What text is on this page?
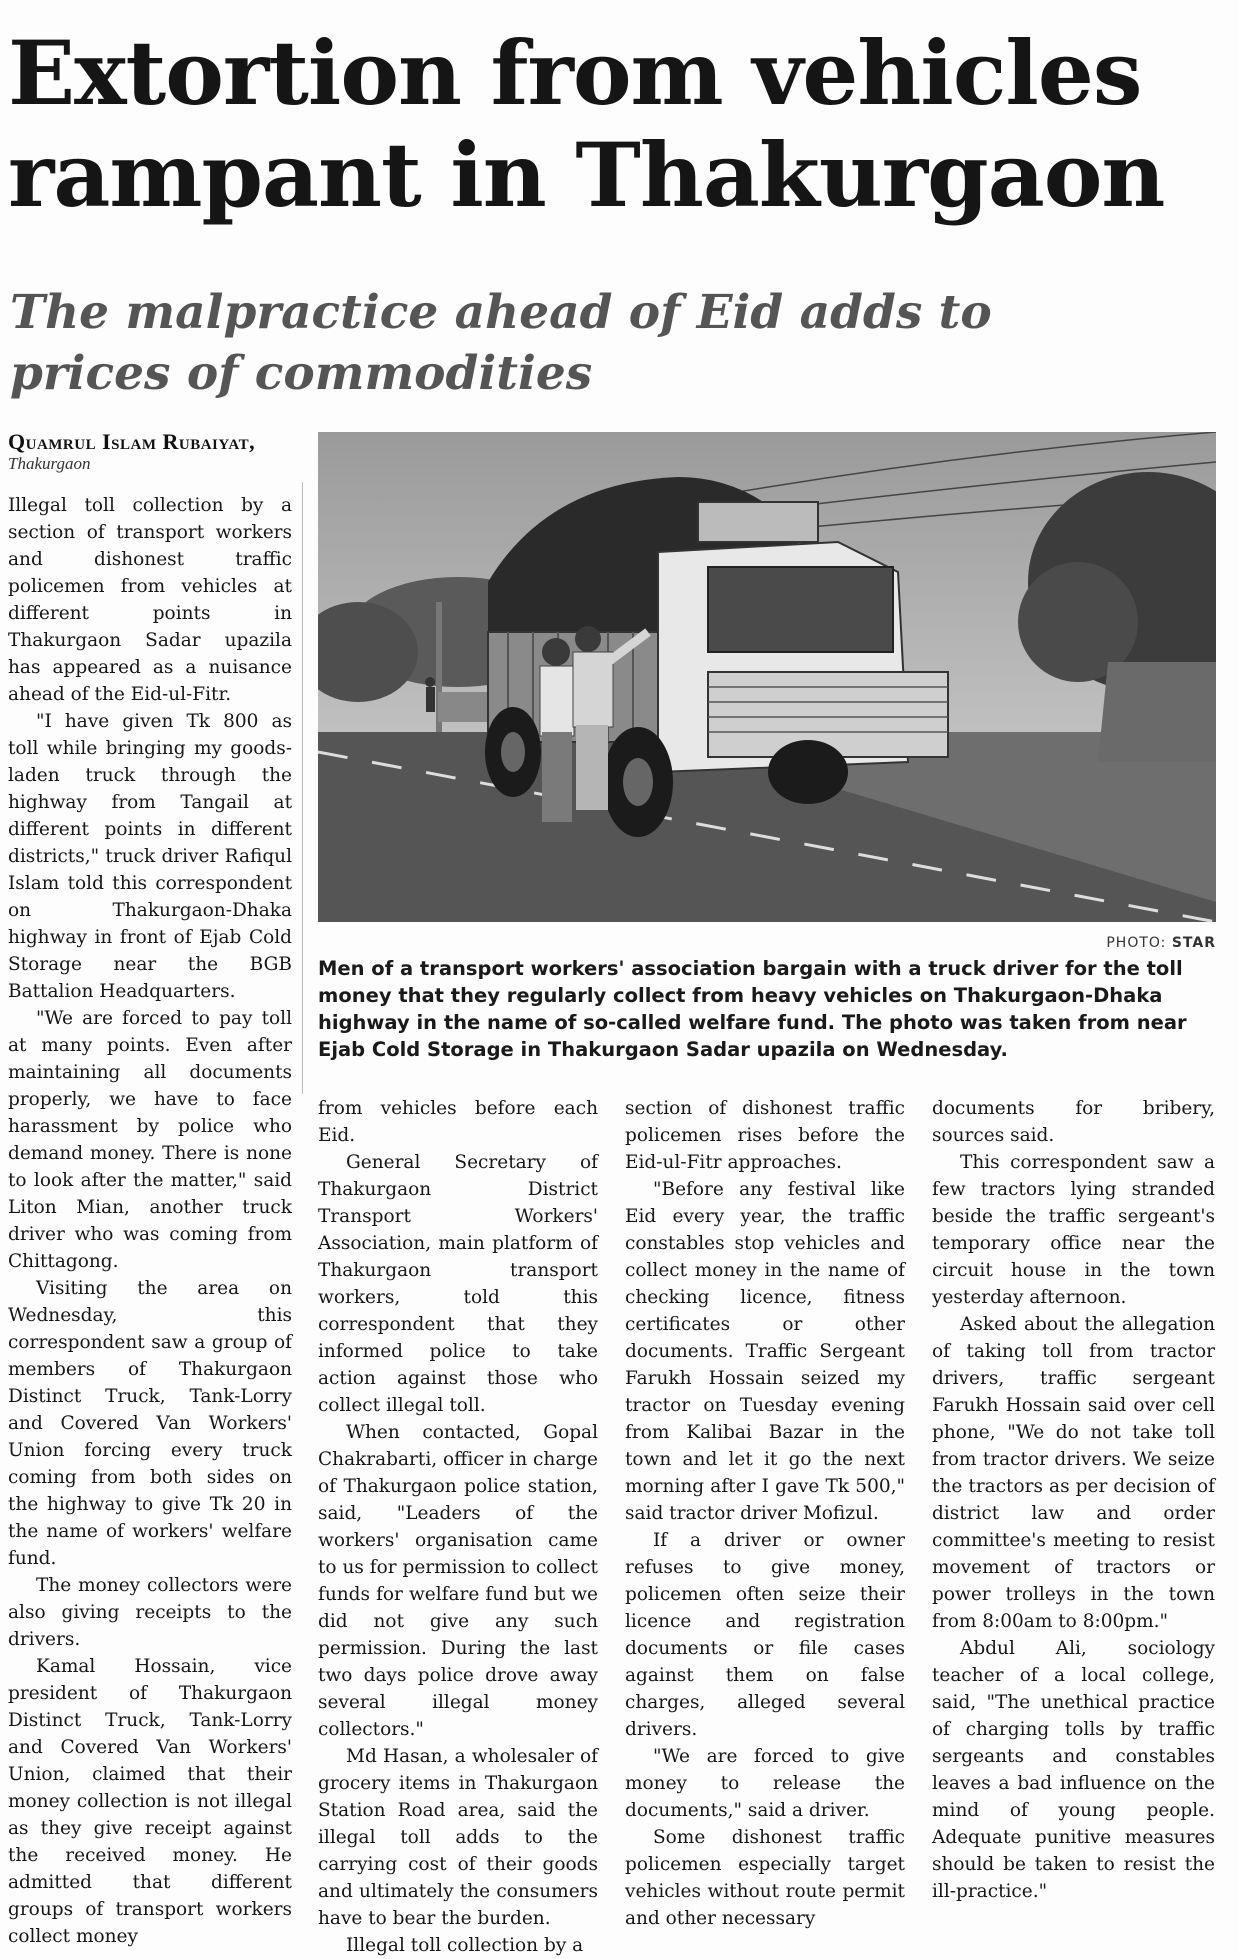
Extortion from vehicles rampant in Thakurgaon
The malpractice ahead of Eid adds to prices of commodities
Quamrul Islam Rubaiyat,
Thakurgaon
PHOTO: STAR

Men of a transport workers' association bargain with a truck driver for the toll money that they regularly collect from heavy vehicles on Thakurgaon-Dhaka highway in the name of so-called welfare fund. The photo was taken from near Ejab Cold Storage in Thakurgaon Sadar upazila on Wednesday.

Illegal toll collection by a section of transport workers and dishonest traffic policemen from vehicles at different points in Thakurgaon Sadar upazila has appeared as a nuisance ahead of the Eid-ul-Fitr.

"I have given Tk 800 as toll while bringing my goods-laden truck through the highway from Tangail at different points in different districts," truck driver Rafiqul Islam told this correspondent on Thakurgaon-Dhaka highway in front of Ejab Cold Storage near the BGB Battalion Headquarters.

"We are forced to pay toll at many points. Even after maintaining all documents properly, we have to face harassment by police who demand money. There is none to look after the matter," said Liton Mian, another truck driver who was coming from Chittagong.

Visiting the area on Wednesday, this correspondent saw a group of members of Thakurgaon Distinct Truck, Tank-Lorry and Covered Van Workers' Union forcing every truck coming from both sides on the highway to give Tk 20 in the name of workers' welfare fund.

The money collectors were also giving receipts to the drivers.

Kamal Hossain, vice president of Thakurgaon Distinct Truck, Tank-Lorry and Covered Van Workers' Union, claimed that their money collection is not illegal as they give receipt against the received money. He admitted that different groups of transport workers collect money

from vehicles before each Eid.

General Secretary of Thakurgaon District Transport Workers' Association, main platform of Thakurgaon transport workers, told this correspondent that they informed police to take action against those who collect illegal toll.

When contacted, Gopal Chakrabarti, officer in charge of Thakurgaon police station, said, "Leaders of the workers' organisation came to us for permission to collect funds for welfare fund but we did not give any such permission. During the last two days police drove away several illegal money collectors."

Md Hasan, a wholesaler of grocery items in Thakurgaon Station Road area, said the illegal toll adds to the carrying cost of their goods and ultimately the consumers have to bear the burden.

Illegal toll collection by a

section of dishonest traffic policemen rises before the Eid-ul-Fitr approaches.

"Before any festival like Eid every year, the traffic constables stop vehicles and collect money in the name of checking licence, fitness certificates or other documents. Traffic Sergeant Farukh Hossain seized my tractor on Tuesday evening from Kalibai Bazar in the town and let it go the next morning after I gave Tk 500," said tractor driver Mofizul.

If a driver or owner refuses to give money, policemen often seize their licence and registration documents or file cases against them on false charges, alleged several drivers.

"We are forced to give money to release the documents," said a driver.

Some dishonest traffic policemen especially target vehicles without route permit and other necessary

documents for bribery, sources said.

This correspondent saw a few tractors lying stranded beside the traffic sergeant's temporary office near the circuit house in the town yesterday afternoon.

Asked about the allegation of taking toll from tractor drivers, traffic sergeant Farukh Hossain said over cell phone, "We do not take toll from tractor drivers. We seize the tractors as per decision of district law and order committee's meeting to resist movement of tractors or power trolleys in the town from 8:00am to 8:00pm."

Abdul Ali, sociology teacher of a local college, said, "The unethical practice of charging tolls by traffic sergeants and constables leaves a bad influence on the mind of young people. Adequate punitive measures should be taken to resist the ill-practice."
